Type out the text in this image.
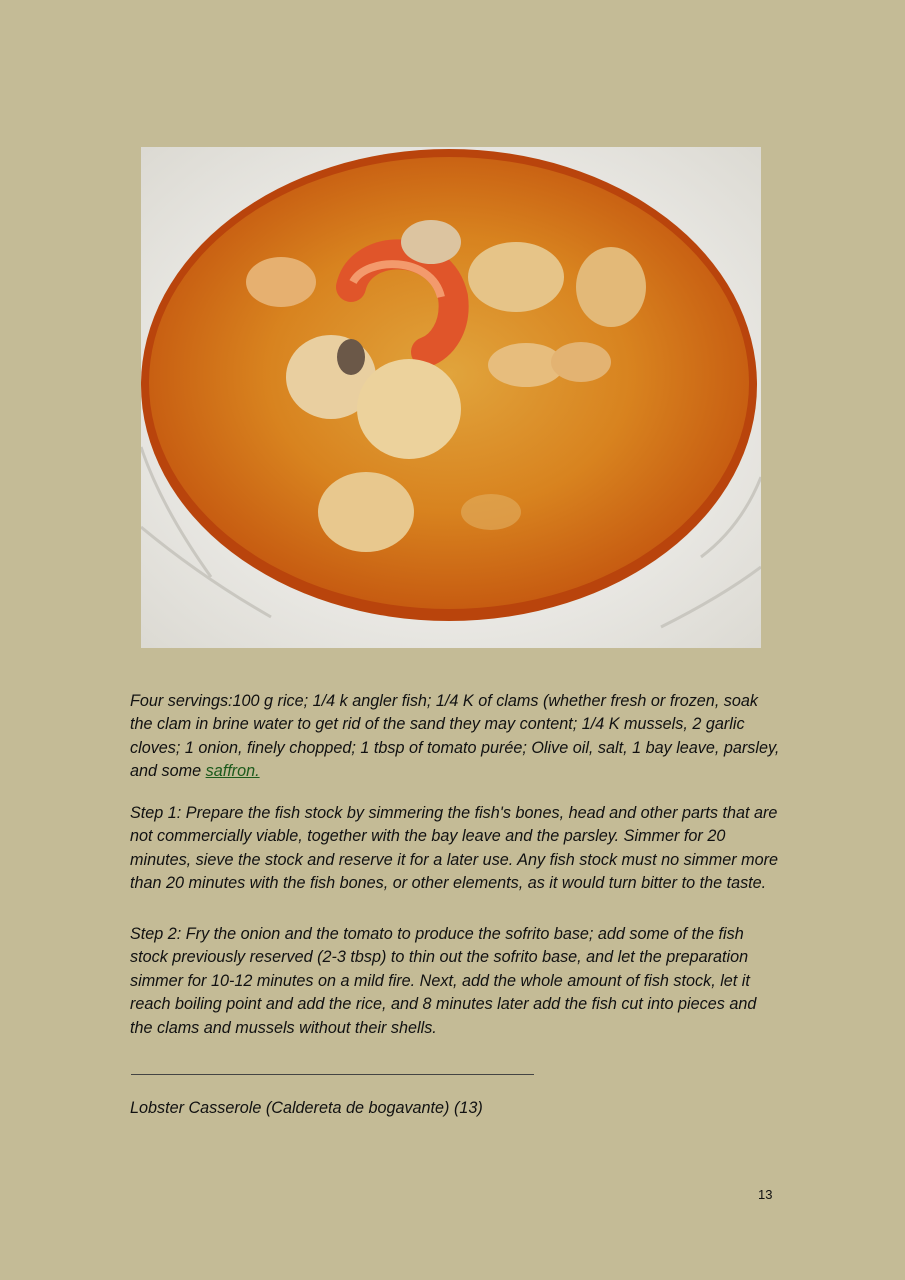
Four servings:100 g rice; 1/4 k angler fish; 1/4 K of clams (whether fresh or frozen, soak the clam in brine water to get rid of the sand they may content; 1/4 K mussels, 2 garlic cloves; 1 onion, finely chopped; 1 tbsp of tomato purée; Olive oil, salt, 1 bay leave, parsley, and some saffron.

Step 1: Prepare the fish stock by simmering the fish's bones, head and other parts that are not commercially viable, together with the bay leave and the parsley. Simmer for 20 minutes, sieve the stock and reserve it for a later use. Any fish stock must no simmer more than 20 minutes with the fish bones, or other elements, as it would turn bitter to the taste.

Step 2: Fry the onion and the tomato to produce the sofrito base; add some of the fish stock previously reserved (2-3 tbsp) to thin out the sofrito base, and let the preparation simmer for 10-12 minutes on a mild fire. Next, add the whole amount of fish stock, let it reach boiling point and add the rice, and 8 minutes later add the fish cut into pieces and the clams and mussels without their shells.

Lobster Casserole (Caldereta de bogavante) (13)

13
